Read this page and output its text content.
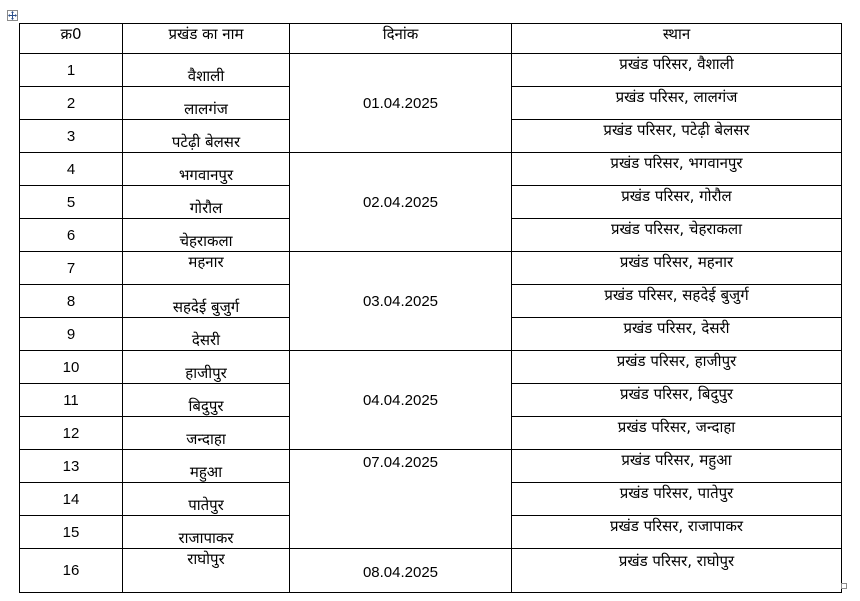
क्र0	प्रखंड का नाम	दिनांक	स्थान
1	वैशाली	01.04.2025	प्रखंड परिसर, वैशाली
2	लालगंज		प्रखंड परिसर, लालगंज
3	पटेढ़ी बेलसर		प्रखंड परिसर, पटेढ़ी बेलसर
4	भगवानपुर	02.04.2025	प्रखंड परिसर, भगवानपुर
5	गोरौल		प्रखंड परिसर, गोरौल
6	चेहराकला		प्रखंड परिसर, चेहराकला
7	महनार	03.04.2025	प्रखंड परिसर, महनार
8	सहदेई बुजुर्ग		प्रखंड परिसर, सहदेई बुजुर्ग
9	देसरी		प्रखंड परिसर, देसरी
10	हाजीपुर	04.04.2025	प्रखंड परिसर, हाजीपुर
11	बिदुपुर		प्रखंड परिसर, बिदुपुर
12	जन्दाहा		प्रखंड परिसर, जन्दाहा
13	महुआ	07.04.2025	प्रखंड परिसर, महुआ
14	पातेपुर		प्रखंड परिसर, पातेपुर
15	राजापाकर		प्रखंड परिसर, राजापाकर
16	राघोपुर	08.04.2025	प्रखंड परिसर, राघोपुर
